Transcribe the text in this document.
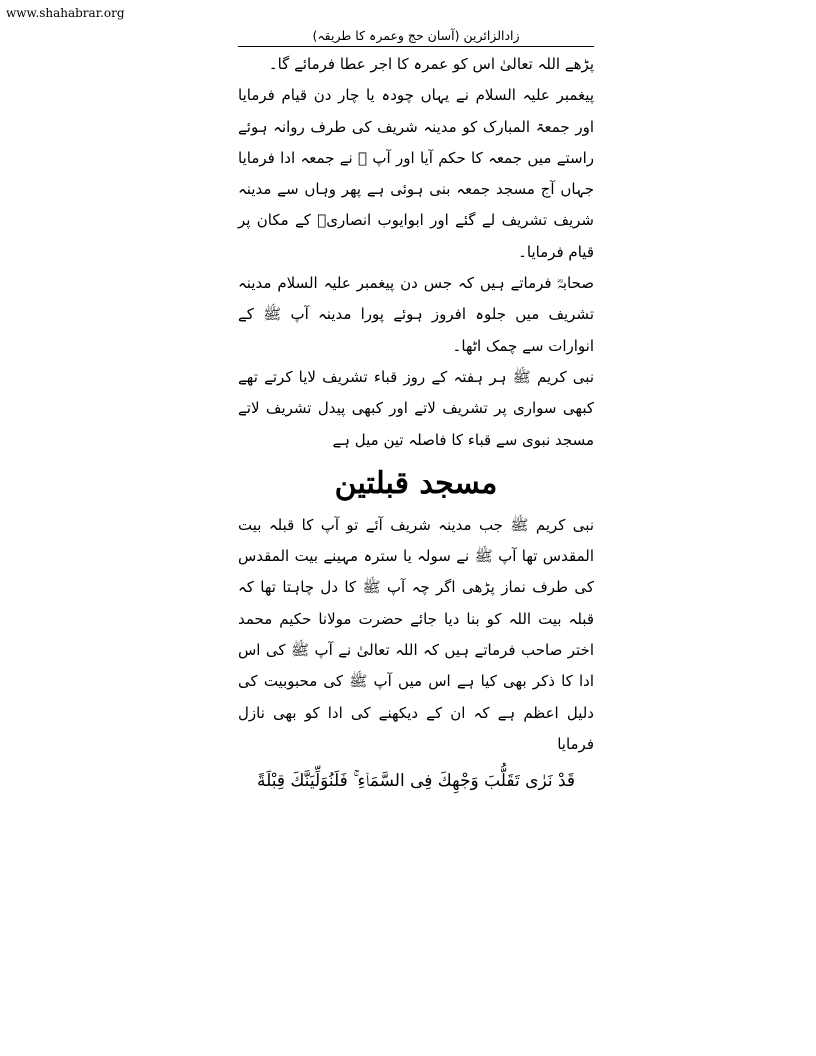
www.shahabrar.org
زادالزائرین (آسان حج وعمرہ کا طریقہ)

پڑھے اللہ تعالیٰ اس کو عمرہ کا اجر عطا فرمائے گا۔

پیغمبر علیہ السلام نے یہاں چودہ یا چار دن قیام فرمایا اور جمعۃ المبارک کو مدینہ شریف کی طرف روانہ ہوئے راستے میں جمعہ کا حکم آیا اور آپ ﷺ نے جمعہ ادا فرمایا جہاں آج مسجد جمعہ بنی ہوئی ہے پھر وہاں سے مدینہ شریف تشریف لے گئے اور ابوایوب انصاریؓ کے مکان پر قیام فرمایا۔

صحابہؓ فرماتے ہیں کہ جس دن پیغمبر علیہ السلام مدینہ تشریف میں جلوہ افروز ہوئے پورا مدینہ آپ ﷺ کے انوارات سے چمک اٹھا۔

نبی کریم ﷺ ہر ہفتہ کے روز قباء تشریف لایا کرتے تھے کبھی سواری پر تشریف لاتے اور کبھی پیدل تشریف لاتے مسجد نبوی سے قباء کا فاصلہ تین میل ہے

مسجد قبلتین

نبی کریم ﷺ جب مدینہ شریف آئے تو آپ کا قبلہ بیت المقدس تھا آپ ﷺ نے سولہ یا سترہ مہینے بیت المقدس کی طرف نماز پڑھی اگر چہ آپ ﷺ کا دل چاہتا تھا کہ قبلہ بیت اللہ کو بنا دیا جائے حضرت مولانا حکیم محمد اختر صاحب فرماتے ہیں کہ اللہ تعالیٰ نے آپ ﷺ کی اس ادا کا ذکر بھی کیا ہے اس میں آپ ﷺ کی محبوبیت کی دلیل اعظم ہے کہ ان کے دیکھنے کی ادا کو بھی نازل فرمایا

قَدْ نَرٰى تَقَلُّبَ وَجْهِكَ فِى السَّمَاۤءِ ۚ فَلَنُوَلِّيَنَّكَ قِبْلَةً
